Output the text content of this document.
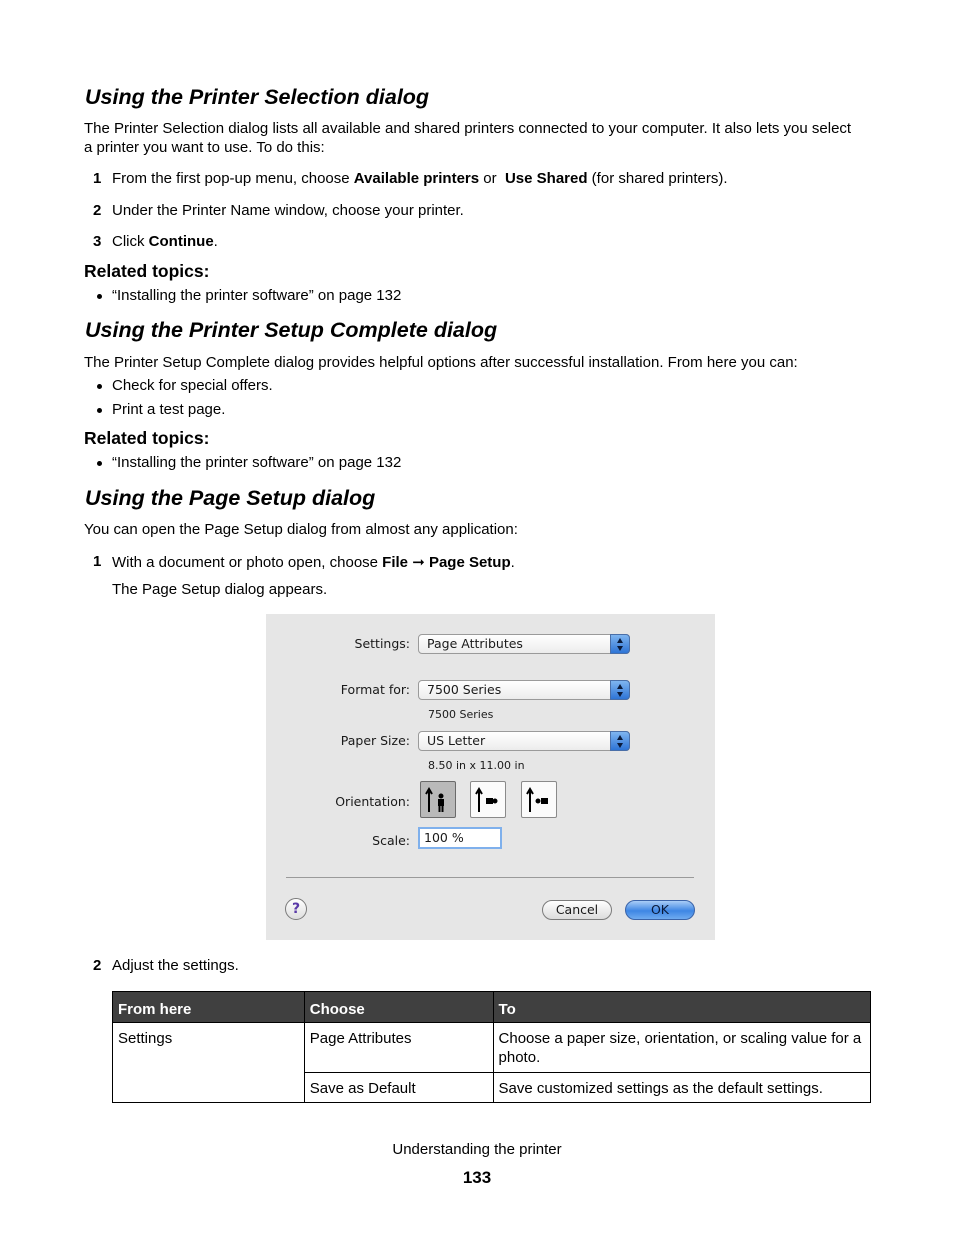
Using the Printer Selection dialog

The Printer Selection dialog lists all available and shared printers connected to your computer. It also lets you select
a printer you want to use. To do this:

1 From the first pop-up menu, choose Available printers or  Use Shared (for shared printers).
2 Under the Printer Name window, choose your printer.
3 Click Continue.
Related topics:
“Installing the printer software” on page 132
Using the Printer Setup Complete dialog
The Printer Setup Complete dialog provides helpful options after successful installation. From here you can:
Check for special offers.
Print a test page.
Related topics:
“Installing the printer software” on page 132
Using the Page Setup dialog
You can open the Page Setup dialog from almost any application:
1 With a document or photo open, choose File ➞ Page Setup.
The Page Setup dialog appears.
Settings:	Page Attributes
Format for:	7500 Series
7500 Series
Paper Size:	US Letter
8.50 in x 11.00 in
Orientation:
Scale:	100 %
?	Cancel	OK
2 Adjust the settings.
From here	Choose	To
Settings	Page Attributes	Choose a paper size, orientation, or scaling value for a photo.
	Save as Default	Save customized settings as the default settings.
Understanding the printer
133
